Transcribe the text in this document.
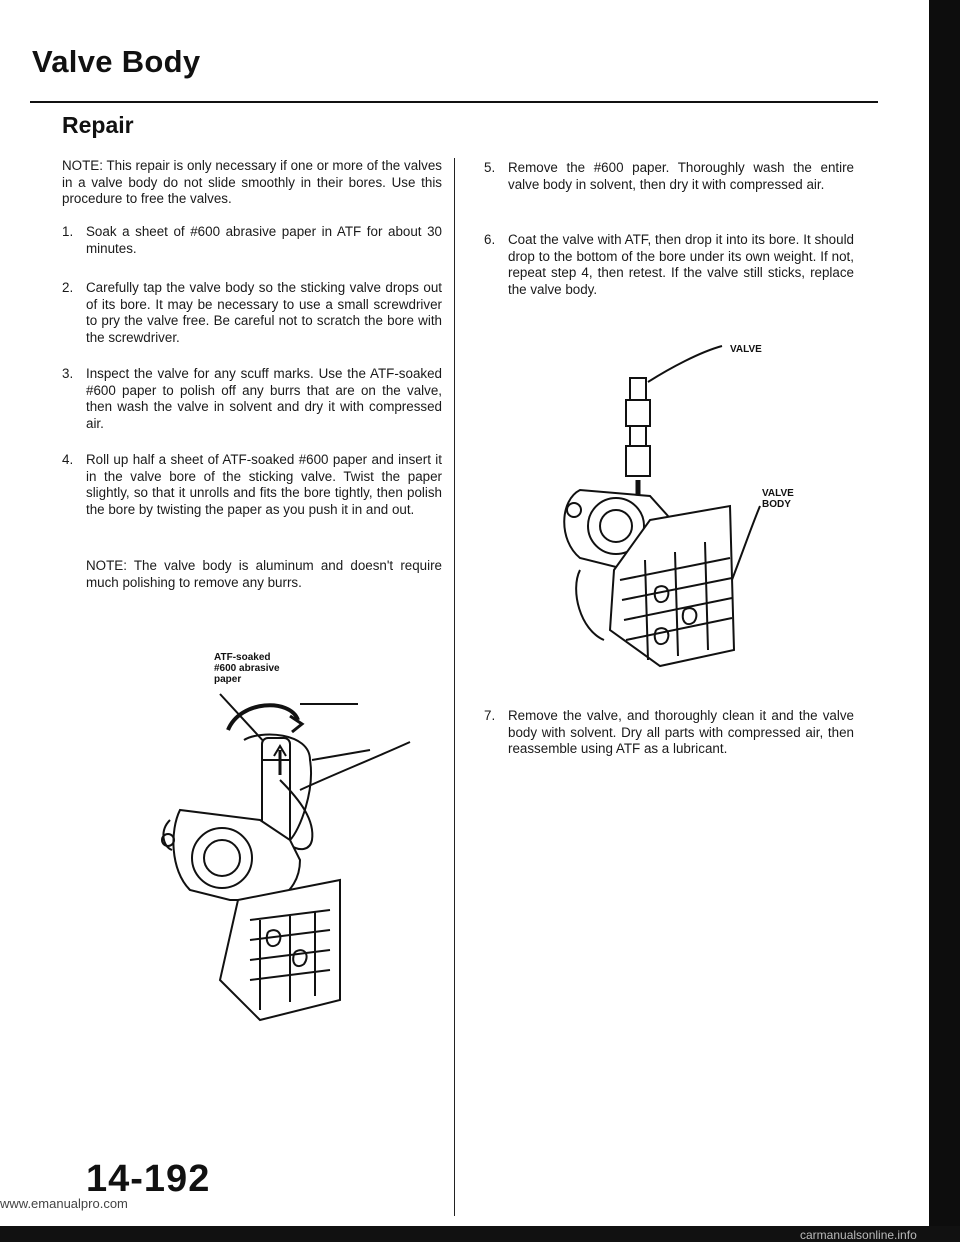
Valve Body
Repair
NOTE: This repair is only necessary if one or more of the valves in a valve body do not slide smoothly in their bores. Use this procedure to free the valves.
1. Soak a sheet of #600 abrasive paper in ATF for about 30 minutes.
2. Carefully tap the valve body so the sticking valve drops out of its bore. It may be necessary to use a small screwdriver to pry the valve free. Be careful not to scratch the bore with the screwdriver.
3. Inspect the valve for any scuff marks. Use the ATF-soaked #600 paper to polish off any burrs that are on the valve, then wash the valve in solvent and dry it with compressed air.
4. Roll up half a sheet of ATF-soaked #600 paper and insert it in the valve bore of the sticking valve. Twist the paper slightly, so that it unrolls and fits the bore tightly, then polish the bore by twisting the paper as you push it in and out.
NOTE: The valve body is aluminum and doesn't require much polishing to remove any burrs.
ATF-soaked
#600 abrasive
paper
5. Remove the #600 paper. Thoroughly wash the entire valve body in solvent, then dry it with compressed air.
6. Coat the valve with ATF, then drop it into its bore. It should drop to the bottom of the bore under its own weight. If not, repeat step 4, then retest. If the valve still sticks, replace the valve body.
VALVE
VALVE
BODY
7. Remove the valve, and thoroughly clean it and the valve body with solvent. Dry all parts with compressed air, then reassemble using ATF as a lubricant.
14-192
www.emanualpro.com
carmanualsonline.info
